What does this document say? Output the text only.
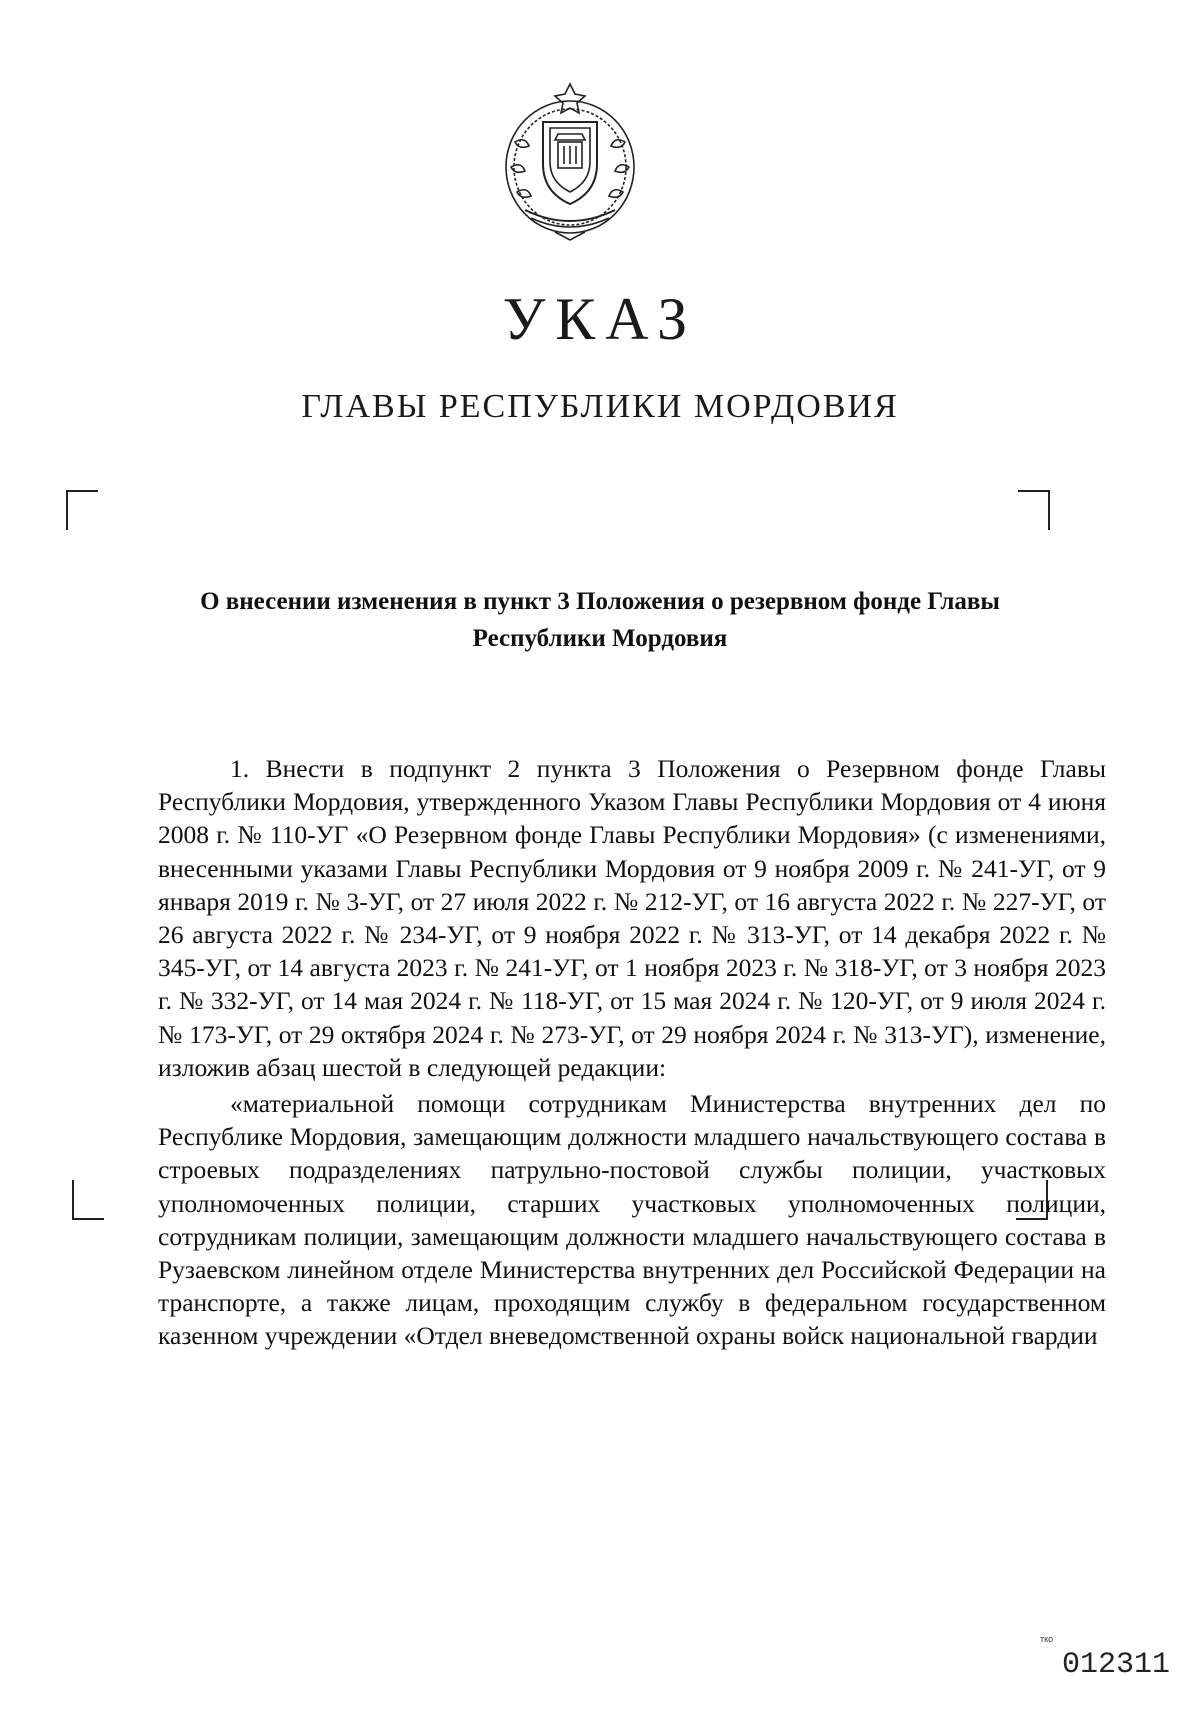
УКАЗ
ГЛАВЫ РЕСПУБЛИКИ МОРДОВИЯ
О внесении изменения в пункт 3 Положения о резервном фонде Главы Республики Мордовия

1. Внести в подпункт 2 пункта 3 Положения о Резервном фонде Главы Республики Мордовия, утвержденного Указом Главы Республики Мордовия от 4 июня 2008 г. № 110-УГ «О Резервном фонде Главы Республики Мордовия» (с изменениями, внесенными указами Главы Республики Мордовия от 9 ноября 2009 г. № 241-УГ, от 9 января 2019 г. № 3-УГ, от 27 июля 2022 г. № 212-УГ, от 16 августа 2022 г. № 227-УГ, от 26 августа 2022 г. № 234-УГ, от 9 ноября 2022 г. № 313-УГ, от 14 декабря 2022 г. № 345-УГ, от 14 августа 2023 г. № 241-УГ, от 1 ноября 2023 г. № 318-УГ, от 3 ноября 2023 г. № 332-УГ, от 14 мая 2024 г. № 118-УГ, от 15 мая 2024 г. № 120-УГ, от 9 июля 2024 г. № 173-УГ, от 29 октября 2024 г. № 273-УГ, от 29 ноября 2024 г. № 313-УГ), изменение, изложив абзац шестой в следующей редакции:

«материальной помощи сотрудникам Министерства внутренних дел по Республике Мордовия, замещающим должности младшего начальствующего состава в строевых подразделениях патрульно-постовой службы полиции, участковых уполномоченных полиции, старших участковых уполномоченных полиции, сотрудникам полиции, замещающим должности младшего начальствующего состава в Рузаевском линейном отделе Министерства внутренних дел Российской Федерации на транспорте, а также лицам, проходящим службу в федеральном государственном казенном учреждении «Отдел вневедомственной охраны войск национальной гвардии

тко
012311
